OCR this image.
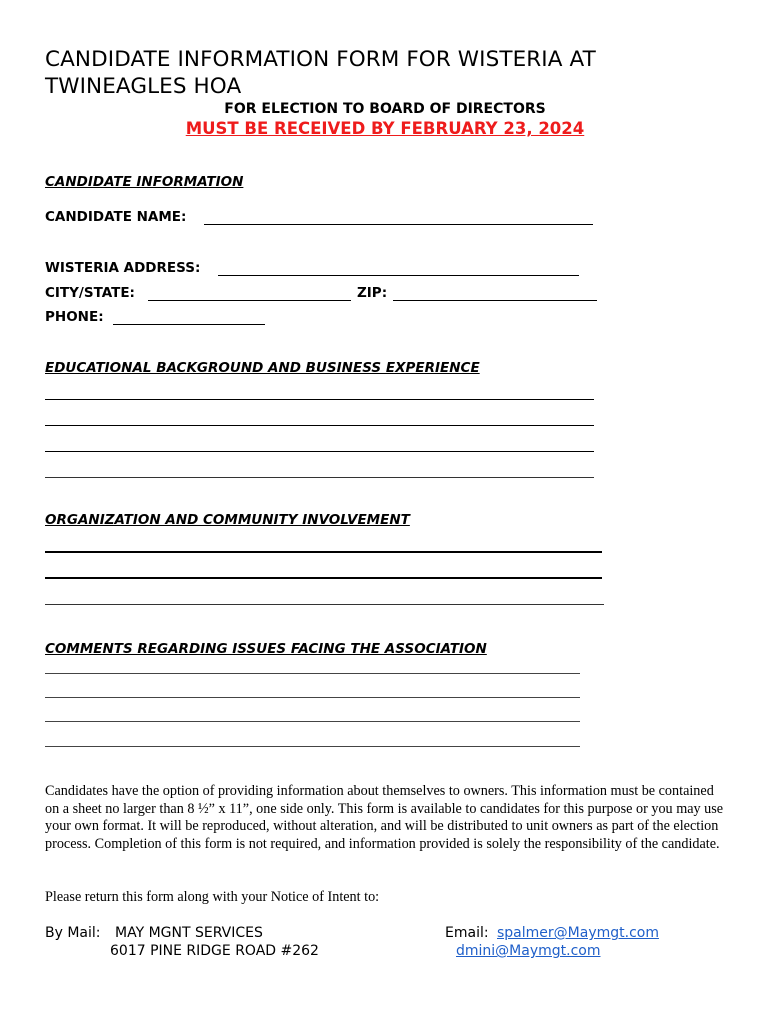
CANDIDATE INFORMATION FORM FOR WISTERIA AT
TWINEAGLES HOA
FOR ELECTION TO BOARD OF DIRECTORS
MUST BE RECEIVED BY FEBRUARY 23, 2024
CANDIDATE INFORMATION
CANDIDATE NAME:
WISTERIA ADDRESS:
CITY/STATE:	ZIP:
PHONE:
EDUCATIONAL BACKGROUND AND BUSINESS EXPERIENCE
ORGANIZATION AND COMMUNITY INVOLVEMENT
COMMENTS REGARDING ISSUES FACING THE ASSOCIATION
Candidates have the option of providing information about themselves to owners. This information must be contained on a sheet no larger than 8 ½” x 11”, one side only. This form is available to candidates for this purpose or you may use your own format. It will be reproduced, without alteration, and will be distributed to unit owners as part of the election process. Completion of this form is not required, and information provided is solely the responsibility of the candidate.
Please return this form along with your Notice of Intent to:
By Mail: MAY MGNT SERVICES
6017 PINE RIDGE ROAD #262
Email: spalmer@Maymgt.com
dmini@Maymgt.com
